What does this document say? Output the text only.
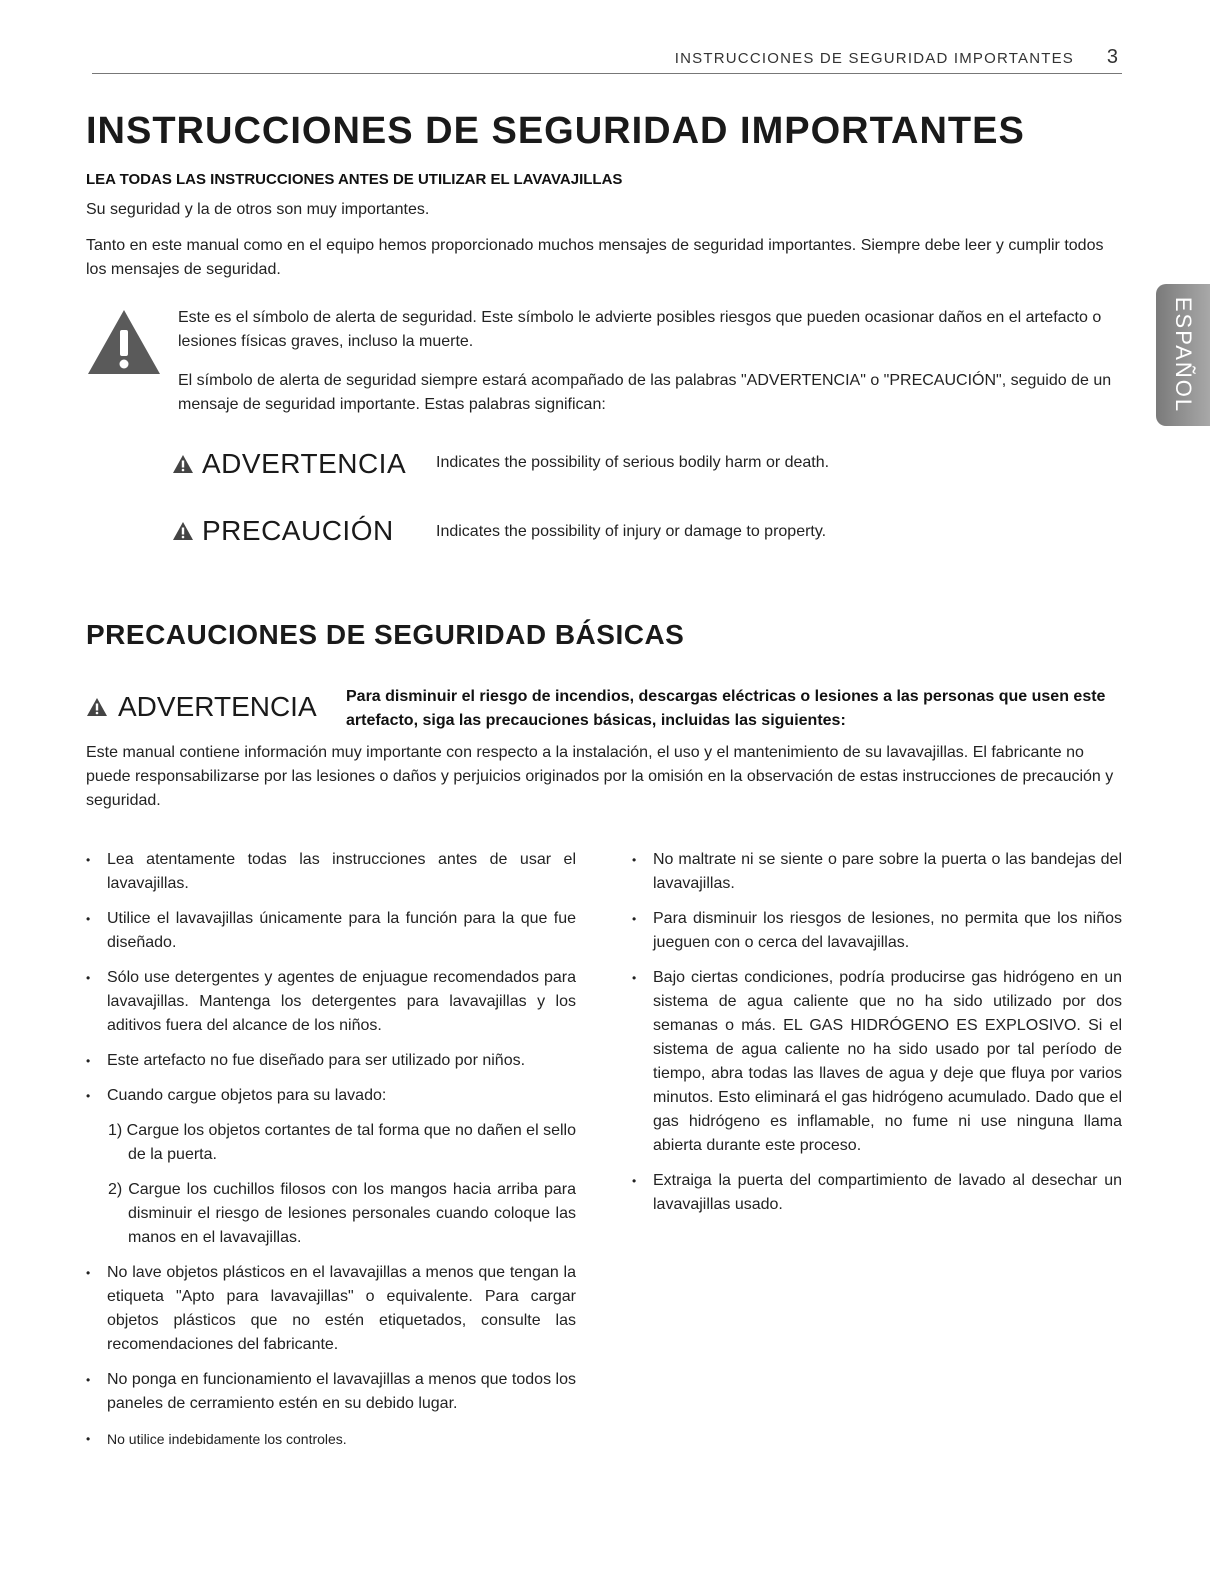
INSTRUCCIONES DE SEGURIDAD IMPORTANTES 3
ESPAÑOL
INSTRUCCIONES DE SEGURIDAD IMPORTANTES
LEA TODAS LAS INSTRUCCIONES ANTES DE UTILIZAR EL LAVAVAJILLAS

Su seguridad y la de otros son muy importantes.

Tanto en este manual como en el equipo hemos proporcionado muchos mensajes de seguridad importantes. Siempre debe leer y cumplir todos los mensajes de seguridad.

Este es el símbolo de alerta de seguridad. Este símbolo le advierte posibles riesgos que pueden ocasionar daños en el artefacto o lesiones físicas graves, incluso la muerte.

El símbolo de alerta de seguridad siempre estará acompañado de las palabras "ADVERTENCIA" o "PRECAUCIÓN", seguido de un mensaje de seguridad importante. Estas palabras significan:

ADVERTENCIA Indicates the possibility of serious bodily harm or death.
PRECAUCIÓN	Indicates the possibility of injury or damage to property.
PRECAUCIONES DE SEGURIDAD BÁSICAS
ADVERTENCIA Para disminuir el riesgo de incendios, descargas eléctricas o lesiones a las personas que usen este artefacto, siga las precauciones básicas, incluidas las siguientes:

Este manual contiene información muy importante con respecto a la instalación, el uso y el mantenimiento de su lavavajillas. El fabricante no puede responsabilizarse por las lesiones o daños y perjuicios originados por la omisión en la observación de estas instrucciones de precaución y seguridad.

• Lea atentamente todas las instrucciones antes de usar el lavavajillas.
• Utilice el lavavajillas únicamente para la función para la que fue diseñado.
• Sólo use detergentes y agentes de enjuague recomendados para lavavajillas. Mantenga los detergentes para lavavajillas y los aditivos fuera del alcance de los niños.
• Este artefacto no fue diseñado para ser utilizado por niños.
• Cuando cargue objetos para su lavado:
1) Cargue los objetos cortantes de tal forma que no dañen el sello de la puerta.
2) Cargue los cuchillos filosos con los mangos hacia arriba para disminuir el riesgo de lesiones personales cuando coloque las manos en el lavavajillas.
• No lave objetos plásticos en el lavavajillas a menos que tengan la etiqueta "Apto para lavavajillas" o equivalente. Para cargar objetos plásticos que no estén etiquetados, consulte las recomendaciones del fabricante.
• No ponga en funcionamiento el lavavajillas a menos que todos los paneles de cerramiento estén en su debido lugar.
• No utilice indebidamente los controles.
• No maltrate ni se siente o pare sobre la puerta o las bandejas del lavavajillas.
• Para disminuir los riesgos de lesiones, no permita que los niños jueguen con o cerca del lavavajillas.
• Bajo ciertas condiciones, podría producirse gas hidrógeno en un sistema de agua caliente que no ha sido utilizado por dos semanas o más. EL GAS HIDRÓGENO ES EXPLOSIVO. Si el sistema de agua caliente no ha sido usado por tal período de tiempo, abra todas las llaves de agua y deje que fluya por varios minutos. Esto eliminará el gas hidrógeno acumulado. Dado que el gas hidrógeno es inflamable, no fume ni use ninguna llama abierta durante este proceso.
• Extraiga la puerta del compartimiento de lavado al desechar un lavavajillas usado.
